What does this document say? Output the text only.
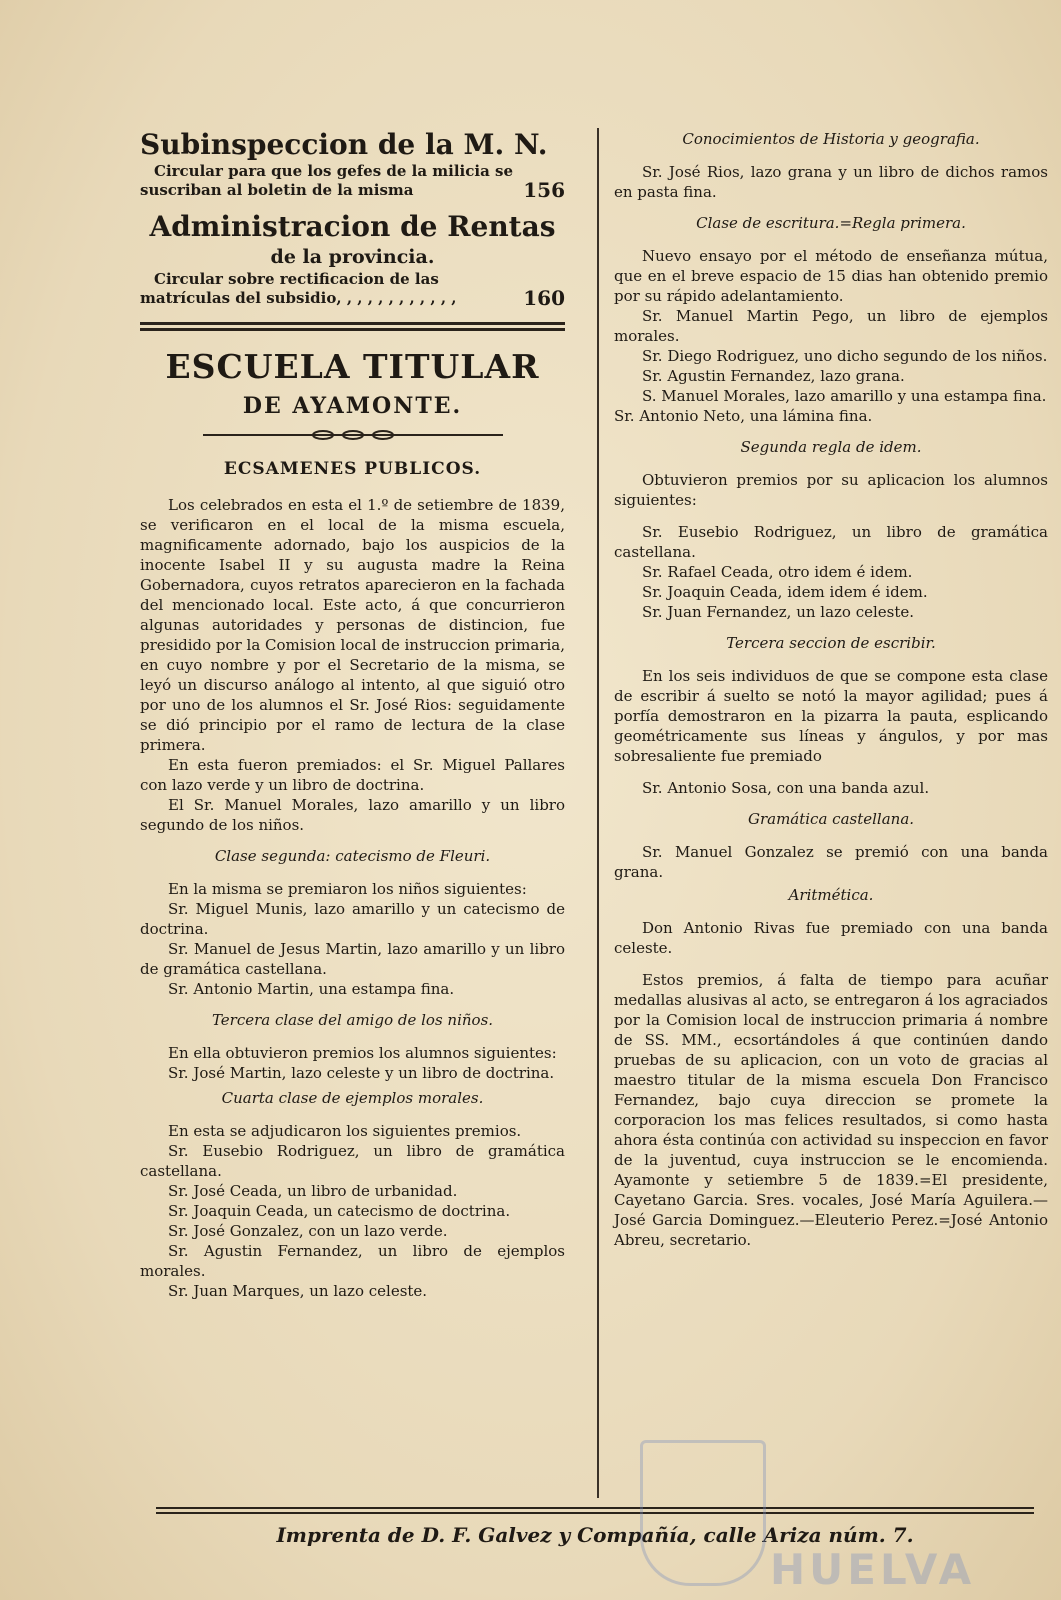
Subinspeccion de la M. N.
Circular para que los gefes de la milicia se suscriban al boletin de la misma	156
Administracion de Rentas
de la provincia.
Circular sobre rectificacion de las matrículas del subsidio, , , , , , , , , , , ,	160
ESCUELA TITULAR
DE AYAMONTE.
ECSAMENES PUBLICOS.

Los celebrados en esta el 1.º de setiembre de 1839, se verificaron en el local de la misma escuela, magnificamente adornado, bajo los auspicios de la inocente Isabel II y su augusta madre la Reina Gobernadora, cuyos retratos aparecieron en la fachada del mencionado local. Este acto, á que concurrieron algunas autoridades y personas de distincion, fue presidido por la Comision local de instruccion primaria, en cuyo nombre y por el Secretario de la misma, se leyó un discurso análogo al intento, al que siguió otro por uno de los alumnos el Sr. José Rios: seguidamente se dió principio por el ramo de lectura de la clase primera.

En esta fueron premiados: el Sr. Miguel Pallares con lazo verde y un libro de doctrina.

El Sr. Manuel Morales, lazo amarillo y un libro segundo de los niños.

Clase segunda: catecismo de Fleuri.

En la misma se premiaron los niños siguientes:

Sr. Miguel Munis, lazo amarillo y un catecismo de doctrina.

Sr. Manuel de Jesus Martin, lazo amarillo y un libro de gramática castellana.

Sr. Antonio Martin, una estampa fina.

Tercera clase del amigo de los niños.

En ella obtuvieron premios los alumnos siguientes:

Sr. José Martin, lazo celeste y un libro de doctrina.

Cuarta clase de ejemplos morales.

En esta se adjudicaron los siguientes premios.

Sr. Eusebio Rodriguez, un libro de gramática castellana.

Sr. José Ceada, un libro de urbanidad.

Sr. Joaquin Ceada, un catecismo de doctrina.

Sr. José Gonzalez, con un lazo verde.

Sr. Agustin Fernandez, un libro de ejemplos morales.

Sr. Juan Marques, un lazo celeste.

Conocimientos de Historia y geografia.

Sr. José Rios, lazo grana y un libro de dichos ramos en pasta fina.

Clase de escritura.=Regla primera.

Nuevo ensayo por el método de enseñanza mútua, que en el breve espacio de 15 dias han obtenido premio por su rápido adelantamiento.

Sr. Manuel Martin Pego, un libro de ejemplos morales.

Sr. Diego Rodriguez, uno dicho segundo de los niños.

Sr. Agustin Fernandez, lazo grana.

S. Manuel Morales, lazo amarillo y una estampa fina.

Sr. Antonio Neto, una lámina fina.

Segunda regla de idem.

Obtuvieron premios por su aplicacion los alumnos siguientes:

Sr. Eusebio Rodriguez, un libro de gramática castellana.

Sr. Rafael Ceada, otro idem é idem.

Sr. Joaquin Ceada, idem idem é idem.

Sr. Juan Fernandez, un lazo celeste.

Tercera seccion de escribir.

En los seis individuos de que se compone esta clase de escribir á suelto se notó la mayor agilidad; pues á porfía demostraron en la pizarra la pauta, esplicando geométricamente sus líneas y ángulos, y por mas sobresaliente fue premiado

Sr. Antonio Sosa, con una banda azul.

Gramática castellana.

Sr. Manuel Gonzalez se premió con una banda grana.

Aritmética.

Don Antonio Rivas fue premiado con una banda celeste.

Estos premios, á falta de tiempo para acuñar medallas alusivas al acto, se entregaron á los agraciados por la Comision local de instruccion primaria á nombre de SS. MM., ecsortándoles á que continúen dando pruebas de su aplicacion, con un voto de gracias al maestro titular de la misma escuela Don Francisco Fernandez, bajo cuya direccion se promete la corporacion los mas felices resultados, si como hasta ahora ésta continúa con actividad su inspeccion en favor de la juventud, cuya instruccion se le encomienda. Ayamonte y setiembre 5 de 1839.=El presidente, Cayetano Garcia. Sres. vocales, José María Aguilera.—José Garcia Dominguez.—Eleuterio Perez.=José Antonio Abreu, secretario.

Imprenta de D. F. Galvez y Compañía, calle Ariza núm. 7.
HUELVA
